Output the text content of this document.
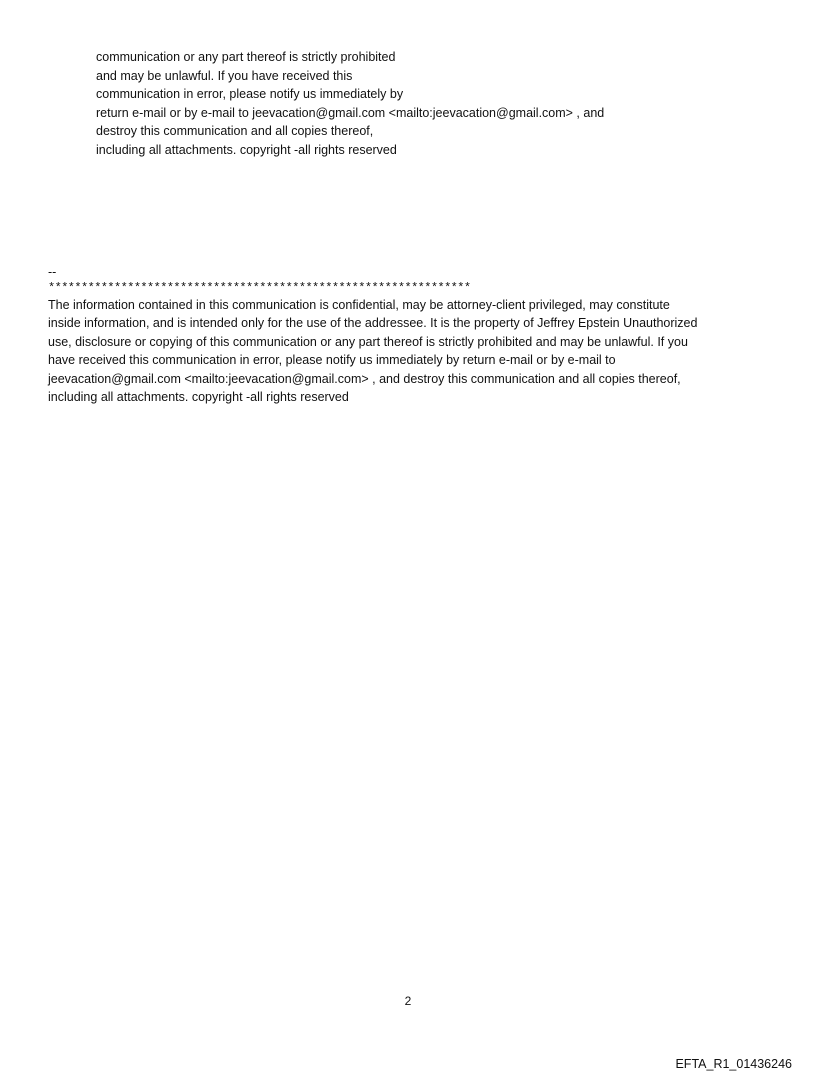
communication or any part thereof is strictly prohibited
and may be unlawful. If you have received this
communication in error, please notify us immediately by
return e-mail or by e-mail to jeevacation@gmail.com <mailto:jeevacation@gmail.com> , and
destroy this communication and all copies thereof,
including all attachments. copyright -all rights reserved
--
****************************************************************
The information contained in this communication is confidential, may be attorney-client privileged, may constitute
inside information, and is intended only for the use of the addressee. It is the property of Jeffrey Epstein Unauthorized
use, disclosure or copying of this communication or any part thereof is strictly prohibited and may be unlawful. If you
have received this communication in error, please notify us immediately by return e-mail or by e-mail to
jeevacation@gmail.com <mailto:jeevacation@gmail.com> , and destroy this communication and all copies thereof,
including all attachments. copyright -all rights reserved
2
EFTA_R1_01436246
